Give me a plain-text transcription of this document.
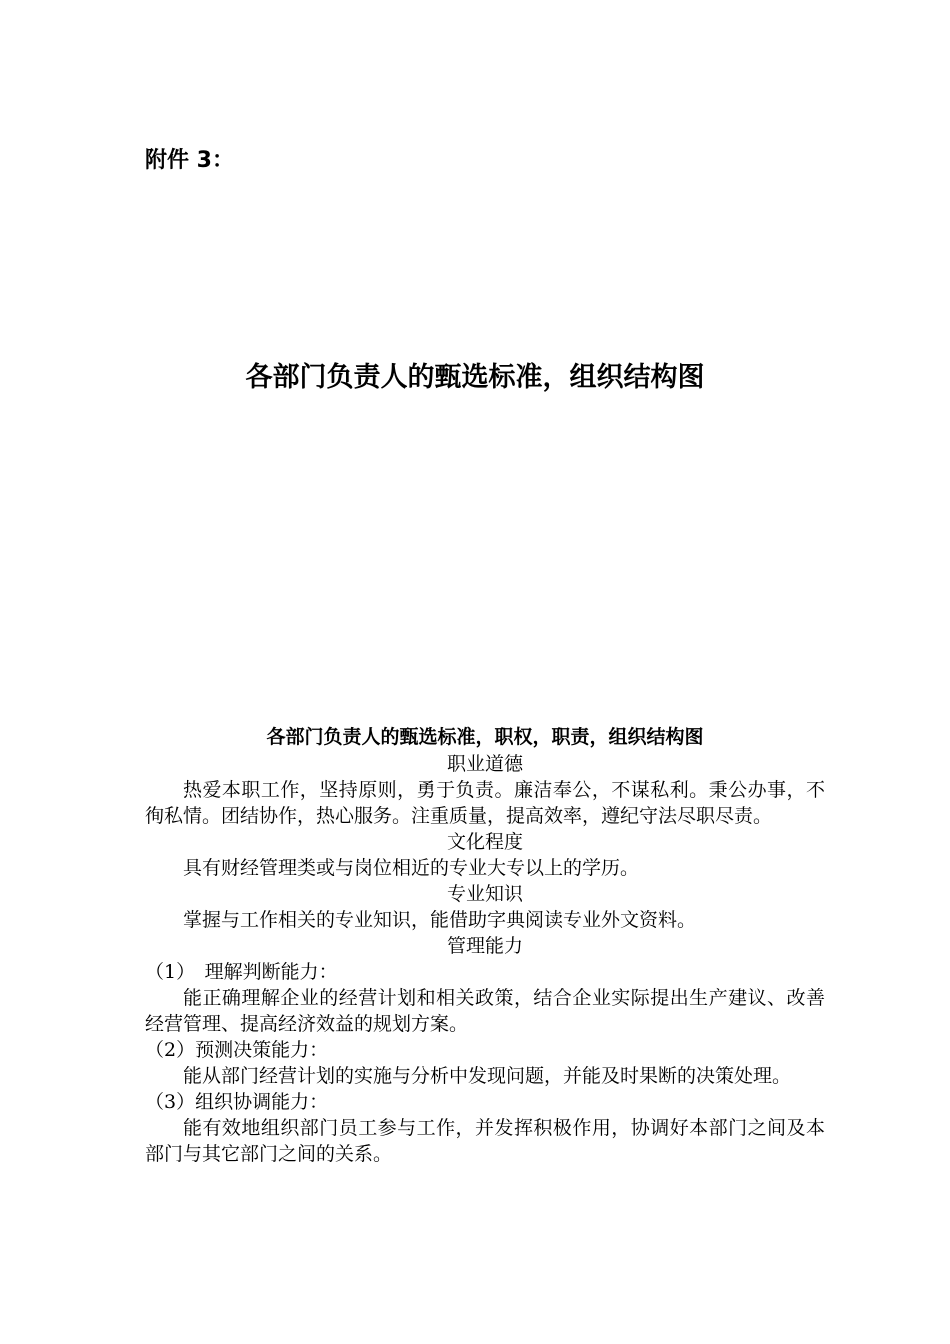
附件 3：

各部门负责人的甄选标准，组织结构图
各部门负责人的甄选标准，职权，职责，组织结构图

职业道德

热爱本职工作，坚持原则，勇于负责。廉洁奉公，不谋私利。秉公办事，不徇私情。团结协作，热心服务。注重质量，提高效率，遵纪守法尽职尽责。

文化程度

具有财经管理类或与岗位相近的专业大专以上的学历。

专业知识

掌握与工作相关的专业知识，能借助字典阅读专业外文资料。

管理能力

（1）　理解判断能力：

能正确理解企业的经营计划和相关政策，结合企业实际提出生产建议、改善经营管理、提高经济效益的规划方案。

（2）预测决策能力：

能从部门经营计划的实施与分析中发现问题，并能及时果断的决策处理。

（3）组织协调能力：

能有效地组织部门员工参与工作，并发挥积极作用，协调好本部门之间及本部门与其它部门之间的关系。
